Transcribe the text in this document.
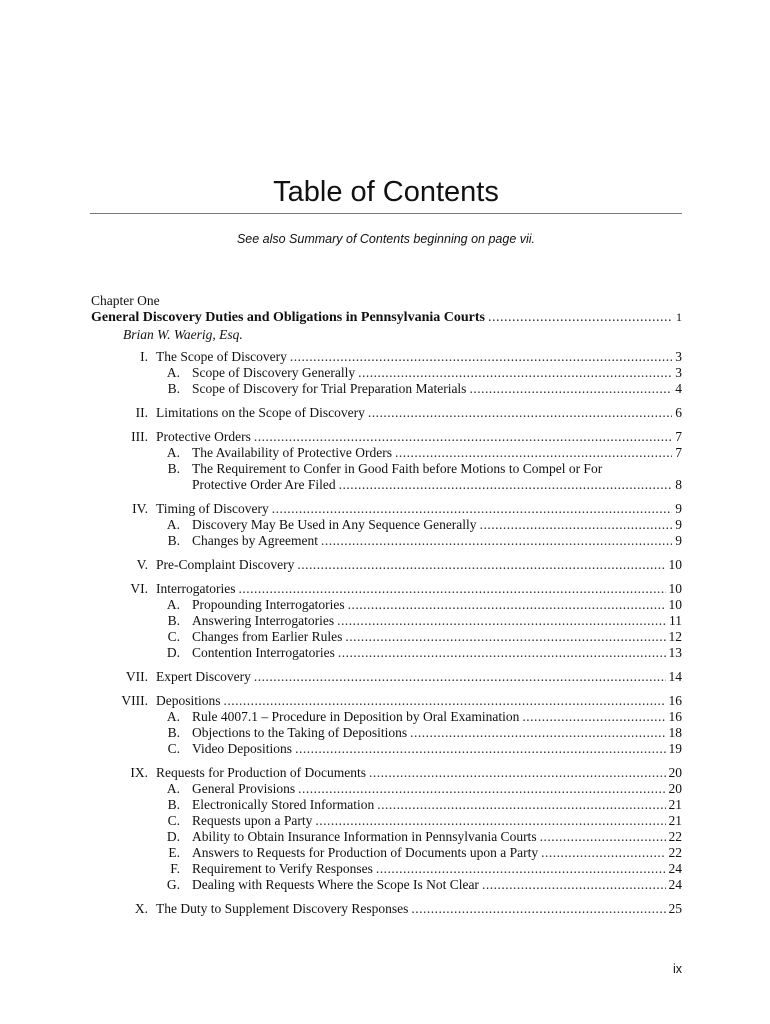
Table of Contents
See also Summary of Contents beginning on page vii.
Chapter One
General Discovery Duties and Obligations in Pennsylvania Courts .....	1
Brian W. Waerig, Esq.
I. The Scope of Discovery .....	3
A. Scope of Discovery Generally .....	3
B. Scope of Discovery for Trial Preparation Materials .....	4
II. Limitations on the Scope of Discovery .....	6
III. Protective Orders .....	7
A. The Availability of Protective Orders .....	7
B. The Requirement to Confer in Good Faith before Motions to Compel or For
Protective Order Are Filed .....	8
IV. Timing of Discovery .....	9
A. Discovery May Be Used in Any Sequence Generally .....	9
B. Changes by Agreement .....	9
V. Pre-Complaint Discovery .....	10
VI. Interrogatories .....	10
A. Propounding Interrogatories .....	10
B. Answering Interrogatories .....	11
C. Changes from Earlier Rules .....	12
D. Contention Interrogatories .....	13
VII. Expert Discovery .....	14
VIII. Depositions .....	16
A. Rule 4007.1 – Procedure in Deposition by Oral Examination .....	16
B. Objections to the Taking of Depositions .....	18
C. Video Depositions .....	19
IX. Requests for Production of Documents .....	20
A. General Provisions .....	20
B. Electronically Stored Information .....	21
C. Requests upon a Party .....	21
D. Ability to Obtain Insurance Information in Pennsylvania Courts .....	22
E. Answers to Requests for Production of Documents upon a Party .....	22
F. Requirement to Verify Responses .....	24
G. Dealing with Requests Where the Scope Is Not Clear .....	24
X. The Duty to Supplement Discovery Responses .....	25
ix
